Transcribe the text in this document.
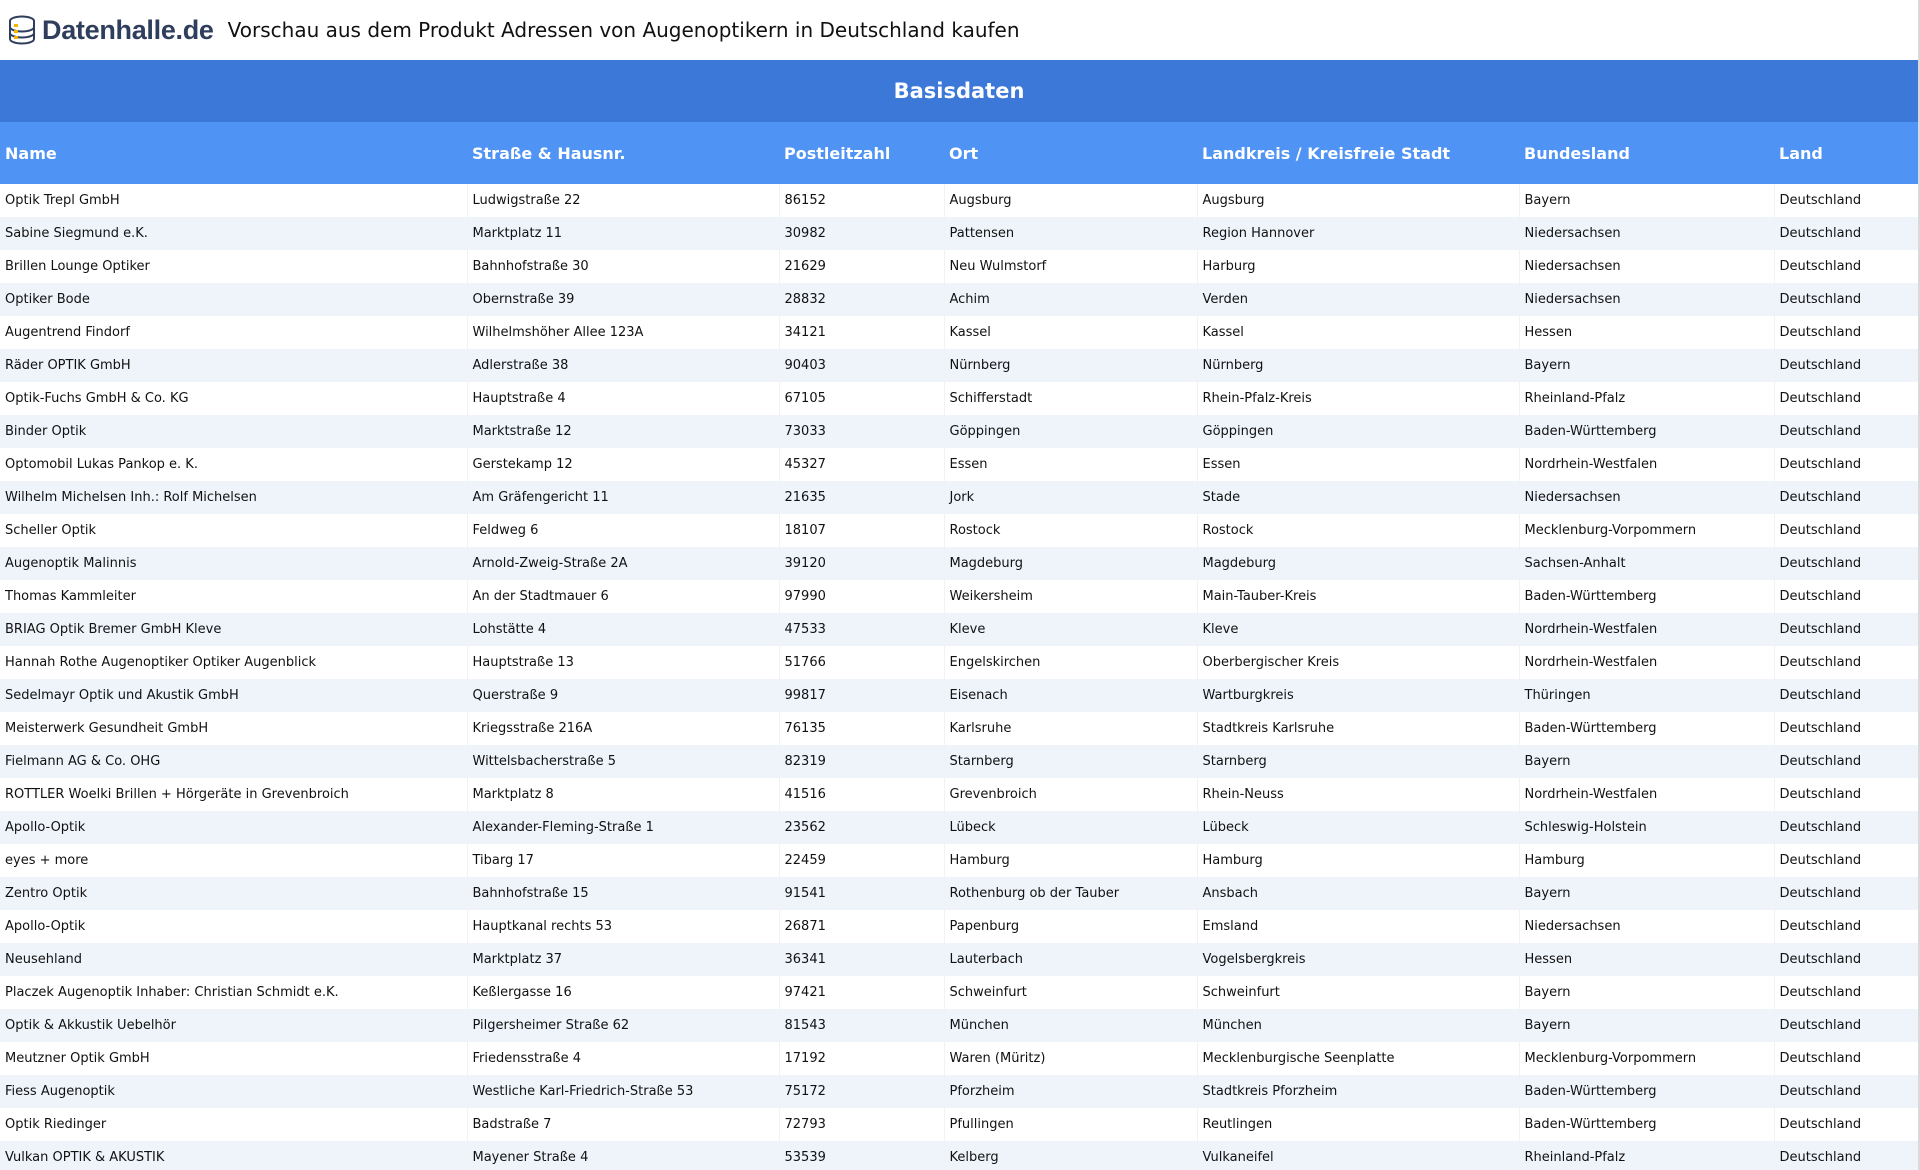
Datenhalle.de Vorschau aus dem Produkt Adressen von Augenoptikern in Deutschland kaufen
Basisdaten						
Name	Straße & Hausnr.	Postleitzahl	Ort	Landkreis / Kreisfreie Stadt	Bundesland	Land
Optik Trepl GmbH	Ludwigstraße 22	86152	Augsburg	Augsburg	Bayern	Deutschland
Sabine Siegmund e.K.	Marktplatz 11	30982	Pattensen	Region Hannover	Niedersachsen	Deutschland
Brillen Lounge Optiker	Bahnhofstraße 30	21629	Neu Wulmstorf	Harburg	Niedersachsen	Deutschland
Optiker Bode	Obernstraße 39	28832	Achim	Verden	Niedersachsen	Deutschland
Augentrend Findorf	Wilhelmshöher Allee 123A	34121	Kassel	Kassel	Hessen	Deutschland
Räder OPTIK GmbH	Adlerstraße 38	90403	Nürnberg	Nürnberg	Bayern	Deutschland
Optik-Fuchs GmbH & Co. KG	Hauptstraße 4	67105	Schifferstadt	Rhein-Pfalz-Kreis	Rheinland-Pfalz	Deutschland
Binder Optik	Marktstraße 12	73033	Göppingen	Göppingen	Baden-Württemberg	Deutschland
Optomobil Lukas Pankop e. K.	Gerstekamp 12	45327	Essen	Essen	Nordrhein-Westfalen	Deutschland
Wilhelm Michelsen Inh.: Rolf Michelsen	Am Gräfengericht 11	21635	Jork	Stade	Niedersachsen	Deutschland
Scheller Optik	Feldweg 6	18107	Rostock	Rostock	Mecklenburg-Vorpommern	Deutschland
Augenoptik Malinnis	Arnold-Zweig-Straße 2A	39120	Magdeburg	Magdeburg	Sachsen-Anhalt	Deutschland
Thomas Kammleiter	An der Stadtmauer 6	97990	Weikersheim	Main-Tauber-Kreis	Baden-Württemberg	Deutschland
BRIAG Optik Bremer GmbH Kleve	Lohstätte 4	47533	Kleve	Kleve	Nordrhein-Westfalen	Deutschland
Hannah Rothe Augenoptiker Optiker Augenblick	Hauptstraße 13	51766	Engelskirchen	Oberbergischer Kreis	Nordrhein-Westfalen	Deutschland
Sedelmayr Optik und Akustik GmbH	Querstraße 9	99817	Eisenach	Wartburgkreis	Thüringen	Deutschland
Meisterwerk Gesundheit GmbH	Kriegsstraße 216A	76135	Karlsruhe	Stadtkreis Karlsruhe	Baden-Württemberg	Deutschland
Fielmann AG & Co. OHG	Wittelsbacherstraße 5	82319	Starnberg	Starnberg	Bayern	Deutschland
ROTTLER Woelki Brillen + Hörgeräte in Grevenbroich	Marktplatz 8	41516	Grevenbroich	Rhein-Neuss	Nordrhein-Westfalen	Deutschland
Apollo-Optik	Alexander-Fleming-Straße 1	23562	Lübeck	Lübeck	Schleswig-Holstein	Deutschland
eyes + more	Tibarg 17	22459	Hamburg	Hamburg	Hamburg	Deutschland
Zentro Optik	Bahnhofstraße 15	91541	Rothenburg ob der Tauber	Ansbach	Bayern	Deutschland
Apollo-Optik	Hauptkanal rechts 53	26871	Papenburg	Emsland	Niedersachsen	Deutschland
Neusehland	Marktplatz 37	36341	Lauterbach	Vogelsbergkreis	Hessen	Deutschland
Placzek Augenoptik Inhaber: Christian Schmidt e.K.	Keßlergasse 16	97421	Schweinfurt	Schweinfurt	Bayern	Deutschland
Optik & Akkustik Uebelhör	Pilgersheimer Straße 62	81543	München	München	Bayern	Deutschland
Meutzner Optik GmbH	Friedensstraße 4	17192	Waren (Müritz)	Mecklenburgische Seenplatte	Mecklenburg-Vorpommern	Deutschland
Fiess Augenoptik	Westliche Karl-Friedrich-Straße 53	75172	Pforzheim	Stadtkreis Pforzheim	Baden-Württemberg	Deutschland
Optik Riedinger	Badstraße 7	72793	Pfullingen	Reutlingen	Baden-Württemberg	Deutschland
Vulkan OPTIK & AKUSTIK	Mayener Straße 4	53539	Kelberg	Vulkaneifel	Rheinland-Pfalz	Deutschland
